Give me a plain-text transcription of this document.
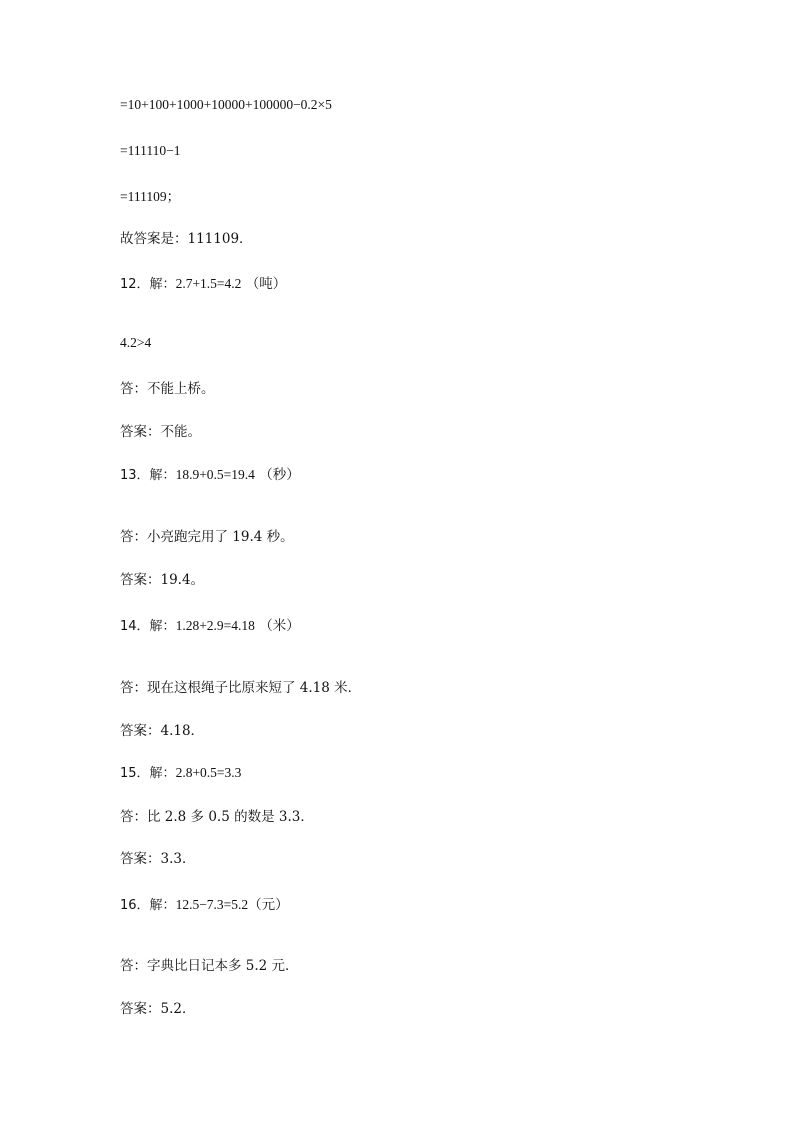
=10+100+1000+10000+100000−0.2×5
=111110−1
=111109；
故答案是：111109．
12．解：2.7+1.5=4.2 （吨）
4.2>4
答：不能上桥。
答案：不能。
13．解：18.9+0.5=19.4 （秒）
答：小亮跑完用了 19.4 秒。
答案：19.4。
14．解：1.28+2.9=4.18 （米）
答：现在这根绳子比原来短了 4.18 米．
答案：4.18．
15．解：2.8+0.5=3.3
答：比 2.8 多 0.5 的数是 3.3．
答案：3.3．
16．解：12.5−7.3=5.2（元）
答：字典比日记本多 5.2 元．
答案：5.2．
